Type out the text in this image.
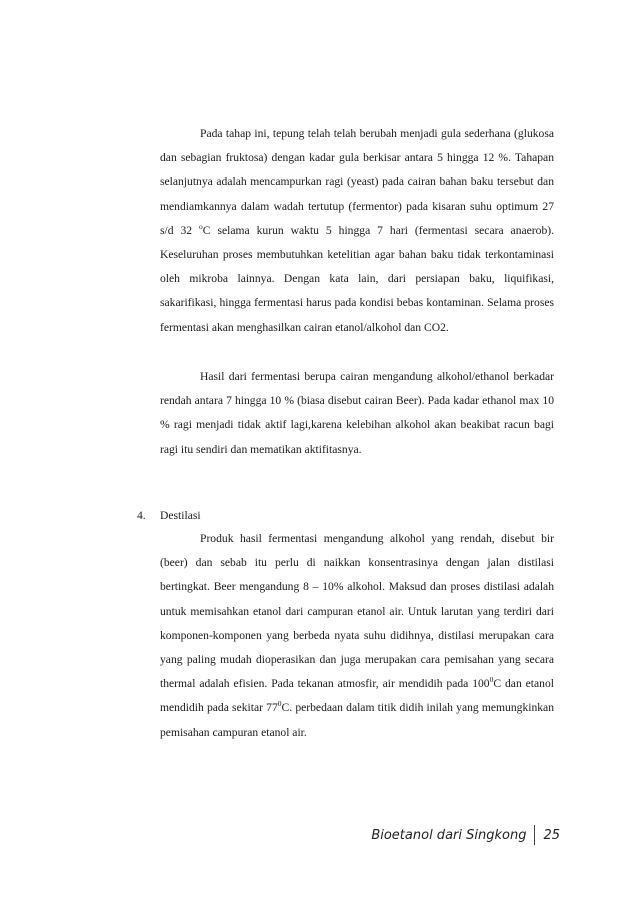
Pada tahap ini, tepung telah telah berubah menjadi gula sederhana (glukosa dan sebagian fruktosa) dengan kadar gula berkisar antara 5 hingga 12 %. Tahapan selanjutnya adalah mencampurkan ragi (yeast) pada cairan bahan baku tersebut dan mendiamkannya dalam wadah tertutup (fermentor) pada kisaran suhu optimum 27 s/d 32 $^o$C selama kurun waktu 5 hingga 7 hari (fermentasi secara anaerob). Keseluruhan proses membutuhkan ketelitian agar bahan baku tidak terkontaminasi oleh mikroba lainnya. Dengan kata lain, dari persiapan baku, liquifikasi, sakarifikasi, hingga fermentasi harus pada kondisi bebas kontaminan. Selama proses fermentasi akan menghasilkan cairan etanol/alkohol dan CO2.

Hasil dari fermentasi berupa cairan mengandung alkohol/ethanol berkadar rendah antara 7 hingga 10 % (biasa disebut cairan Beer). Pada kadar ethanol max 10 % ragi menjadi tidak aktif lagi,karena kelebihan alkohol akan beakibat racun bagi ragi itu sendiri dan mematikan aktifitasnya.

4. Destilasi

Produk hasil fermentasi mengandung alkohol yang rendah, disebut bir (beer) dan sebab itu perlu di naikkan konsentrasinya dengan jalan distilasi bertingkat. Beer mengandung 8 – 10% alkohol. Maksud dan proses distilasi adalah untuk memisahkan etanol dari campuran etanol air. Untuk larutan yang terdiri dari komponen-komponen yang berbeda nyata suhu didihnya, distilasi merupakan cara yang paling mudah dioperasikan dan juga merupakan cara pemisahan yang secara thermal adalah efisien. Pada tekanan atmosfir, air mendidih pada $100^0C$ dan etanol mendidih pada sekitar $77^0C$. perbedaan dalam titik didih inilah yang memungkinkan pemisahan campuran etanol air.

Bioetanol dari Singkong 25
